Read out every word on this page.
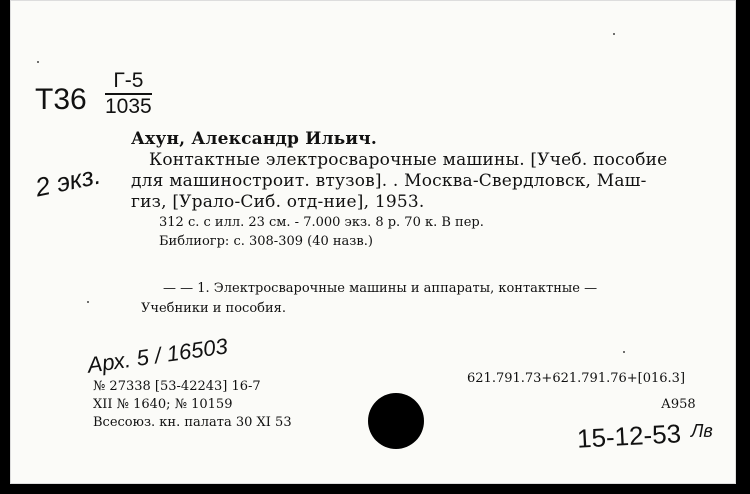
Т36
Г-5
1035
2 экз.
Ахун, Александр Ильич.
Контактные электросварочные машины. [Учеб. пособие
для машиностроит. втузов]. . Москва-Свердловск, Маш-
гиз, [Урало-Сиб. отд-ние], 1953.
312 с. с илл. 23 см. - 7.000 экз. 8 р. 70 к. В пер.
Библиогр: с. 308-309 (40 назв.)
— — 1. Электросварочные машины и аппараты, контактные —
Учебники и пособия.
Арх. 5 / 16503
№ 27338 [53-42243] 16-7
XII № 1640; № 10159
Всесоюз. кн. палата 30 XI 53
621.791.73+621.791.76+[016.3]
А958
15-12-53 Лв
